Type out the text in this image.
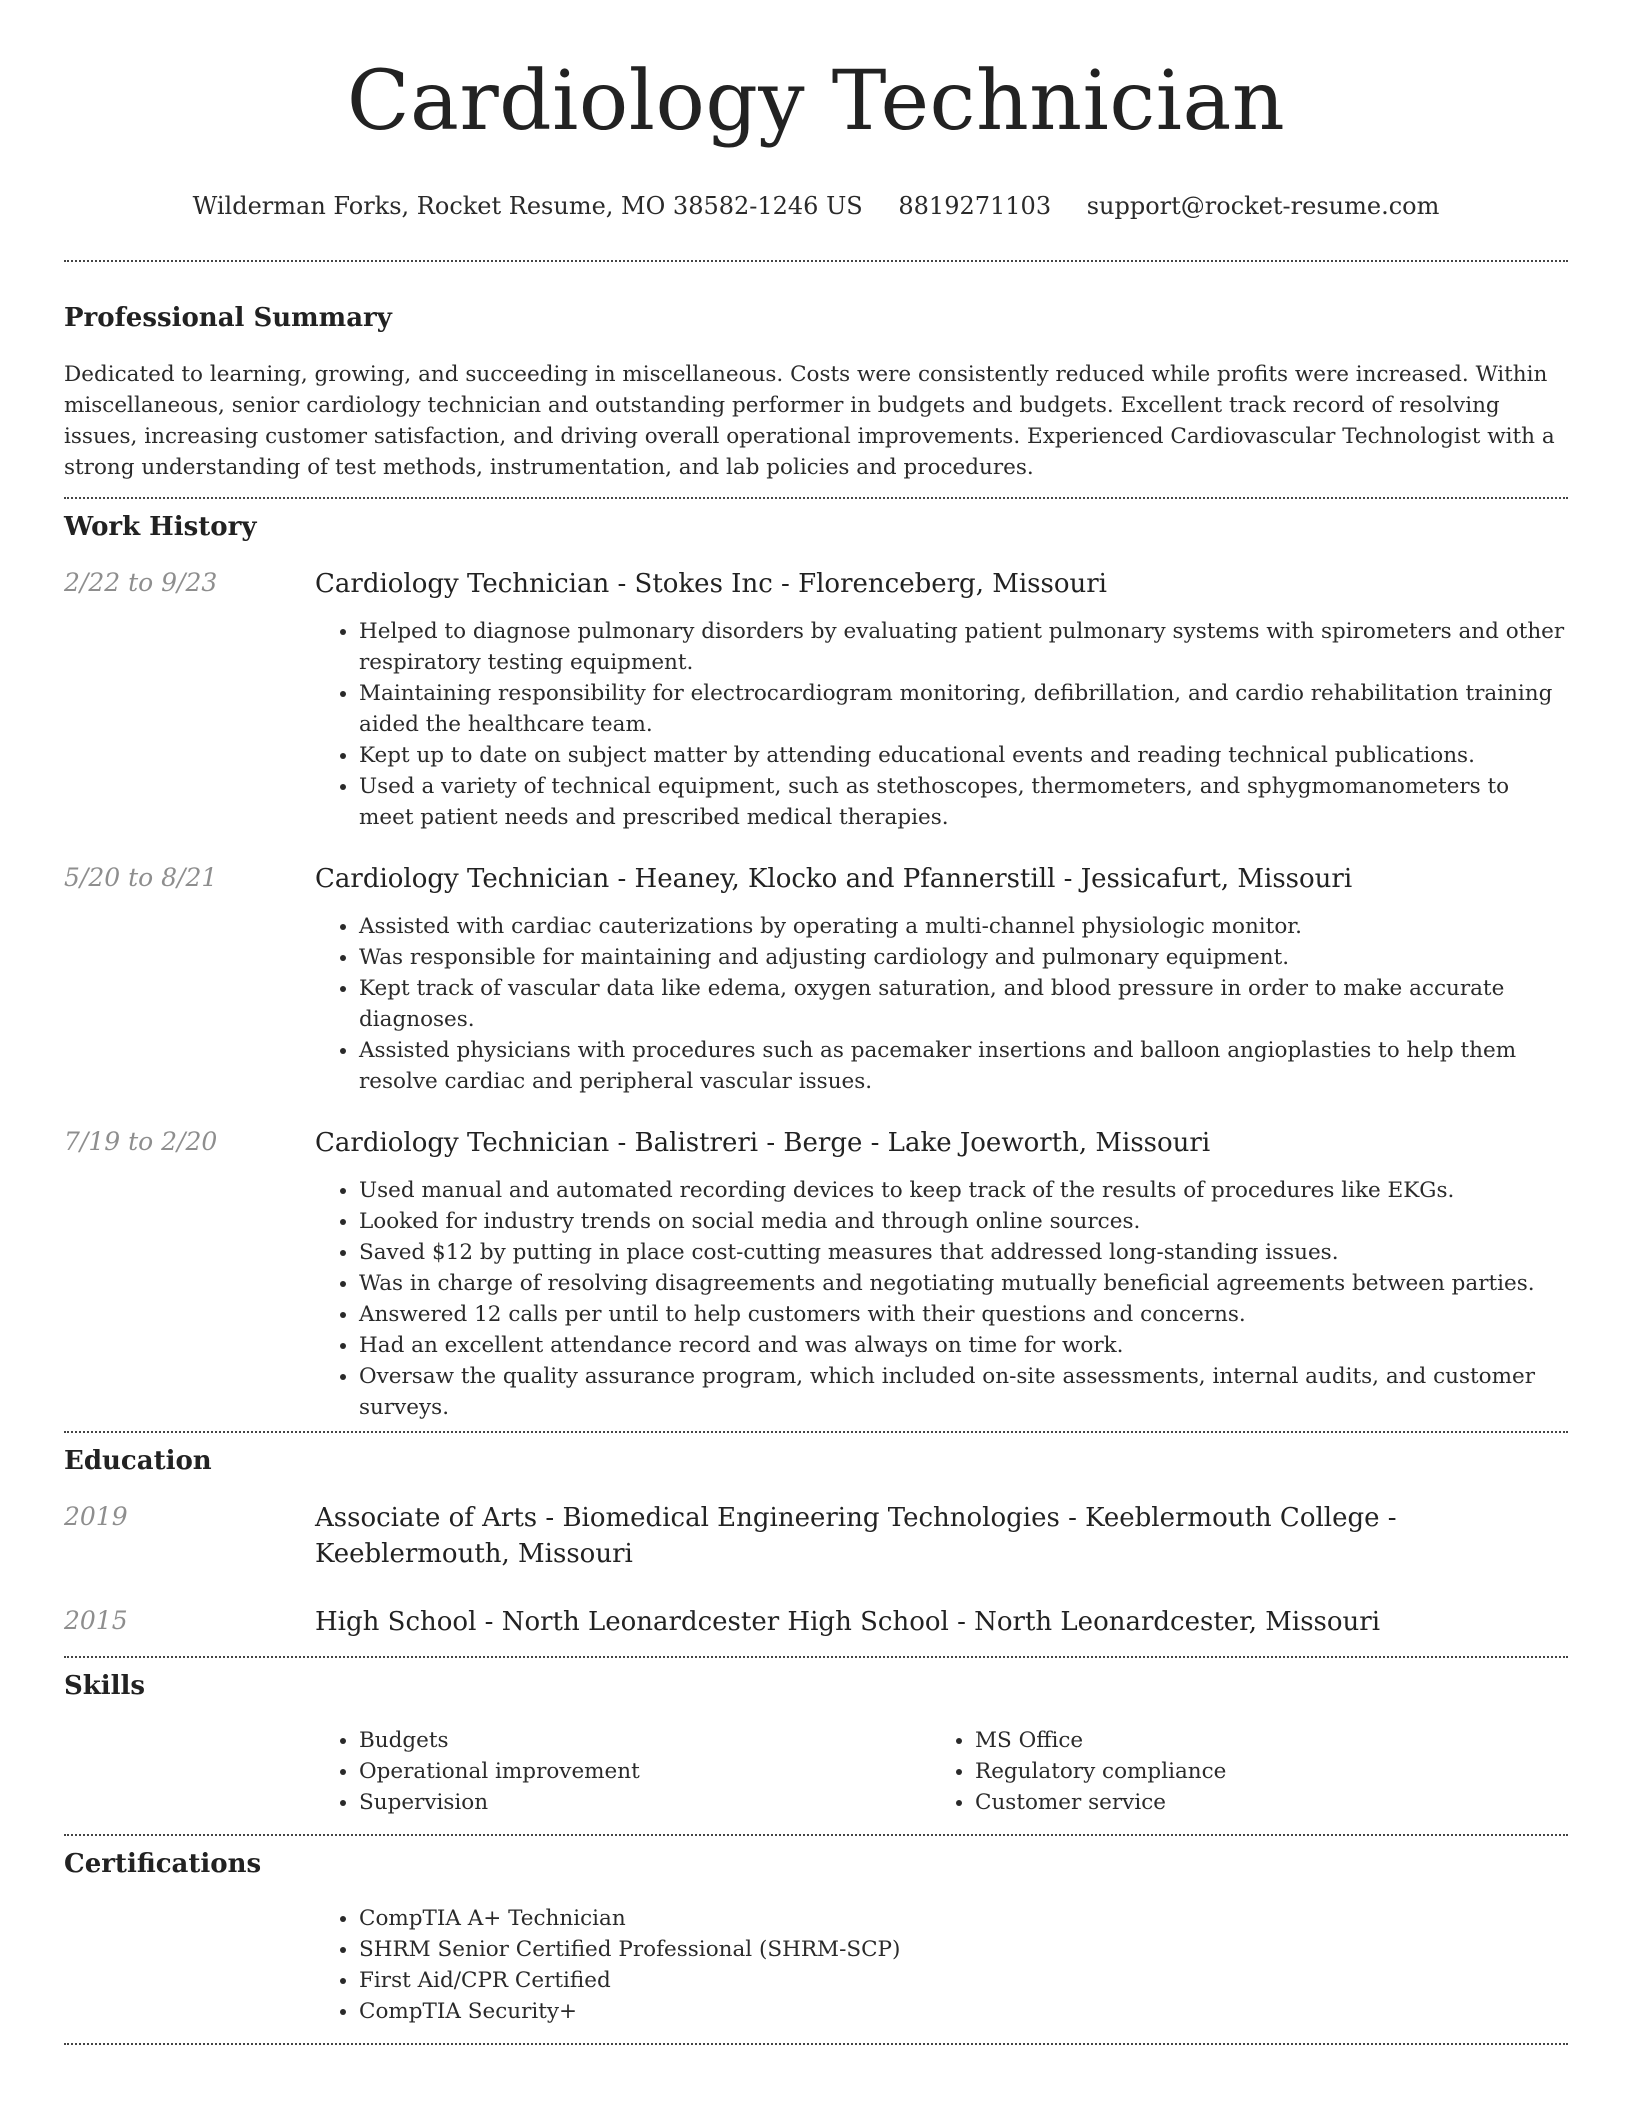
Cardiology Technician
Wilderman Forks, Rocket Resume, MO 38582-1246 US 8819271103 support@rocket-resume.com
Professional Summary

Dedicated to learning, growing, and succeeding in miscellaneous. Costs were consistently reduced while profits were increased. Within miscellaneous, senior cardiology technician and outstanding performer in budgets and budgets. Excellent track record of resolving issues, increasing customer satisfaction, and driving overall operational improvements. Experienced Cardiovascular Technologist with a strong understanding of test methods, instrumentation, and lab policies and procedures.

Work History
2/22 to 9/23	Cardiology Technician - Stokes Inc - Florenceberg, Missouri
• Helped to diagnose pulmonary disorders by evaluating patient pulmonary systems with spirometers and other respiratory testing equipment.
• Maintaining responsibility for electrocardiogram monitoring, defibrillation, and cardio rehabilitation training aided the healthcare team.
• Kept up to date on subject matter by attending educational events and reading technical publications.
• Used a variety of technical equipment, such as stethoscopes, thermometers, and sphygmomanometers to meet patient needs and prescribed medical therapies.
5/20 to 8/21	Cardiology Technician - Heaney, Klocko and Pfannerstill - Jessicafurt, Missouri
• Assisted with cardiac cauterizations by operating a multi-channel physiologic monitor.
• Was responsible for maintaining and adjusting cardiology and pulmonary equipment.
• Kept track of vascular data like edema, oxygen saturation, and blood pressure in order to make accurate diagnoses.
• Assisted physicians with procedures such as pacemaker insertions and balloon angioplasties to help them resolve cardiac and peripheral vascular issues.
7/19 to 2/20	Cardiology Technician - Balistreri - Berge - Lake Joeworth, Missouri
• Used manual and automated recording devices to keep track of the results of procedures like EKGs.
• Looked for industry trends on social media and through online sources.
• Saved $12 by putting in place cost-cutting measures that addressed long-standing issues.
• Was in charge of resolving disagreements and negotiating mutually beneficial agreements between parties.
• Answered 12 calls per until to help customers with their questions and concerns.
• Had an excellent attendance record and was always on time for work.
• Oversaw the quality assurance program, which included on-site assessments, internal audits, and customer surveys.
Education
2019	Associate of Arts - Biomedical Engineering Technologies - Keeblermouth College - Keeblermouth, Missouri
2015	High School - North Leonardcester High School - North Leonardcester, Missouri
Skills
• Budgets
• Operational improvement
• Supervision
• MS Office
• Regulatory compliance
• Customer service
Certifications
• CompTIA A+ Technician
• SHRM Senior Certified Professional (SHRM-SCP)
• First Aid/CPR Certified
• CompTIA Security+
